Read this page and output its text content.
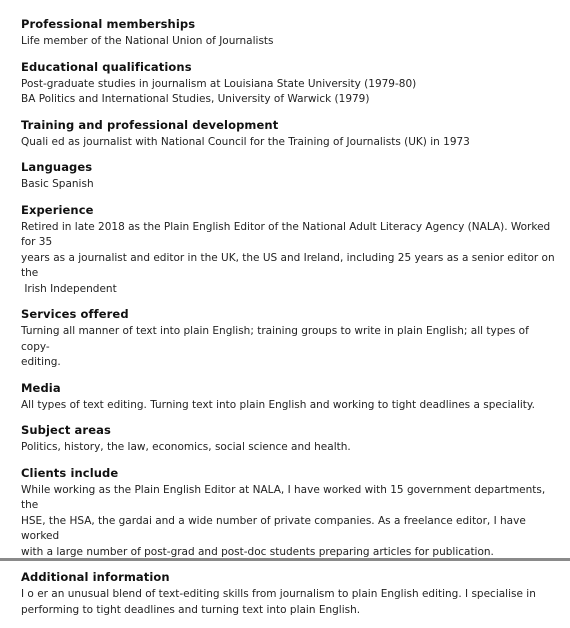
Professional memberships
Life member of the National Union of Journalists
Educational qualifications
Post-graduate studies in journalism at Louisiana State University (1979-80)
BA Politics and International Studies, University of Warwick (1979)
Training and professional development
Quali ed as journalist with National Council for the Training of Journalists (UK) in 1973
Languages
Basic Spanish
Experience
Retired in late 2018 as the Plain English Editor of the National Adult Literacy Agency (NALA). Worked for 35
years as a journalist and editor in the UK, the US and Ireland, including 25 years as a senior editor on the
Irish Independent
Services offered
Turning all manner of text into plain English; training groups to write in plain English; all types of copy-
editing.
Media
All types of text editing. Turning text into plain English and working to tight deadlines a speciality.
Subject areas
Politics, history, the law, economics, social science and health.
Clients include
While working as the Plain English Editor at NALA, I have worked with 15 government departments, the
HSE, the HSA, the gardai and a wide number of private companies. As a freelance editor, I have worked
with a large number of post-grad and post-doc students preparing articles for publication.
Additional information
I o er an unusual blend of text-editing skills from journalism to plain English editing. I specialise in
performing to tight deadlines and turning text into plain English.
